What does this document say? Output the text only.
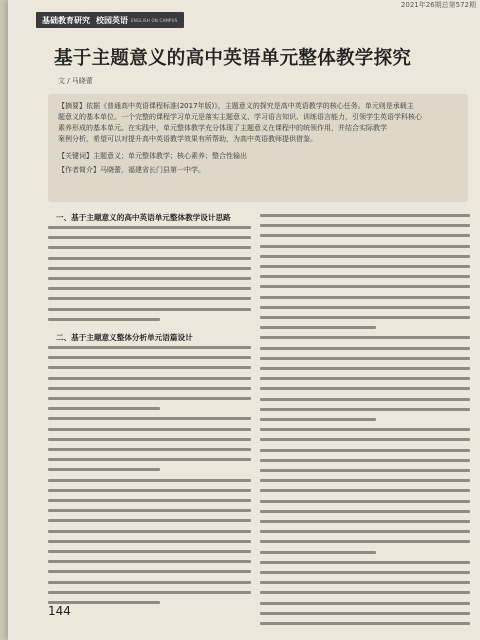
2021年26期总第572期
基础教育研究 校园英语 ENGLISH ON CAMPUS
基于主题意义的高中英语单元整体教学探究
文 / 马晓蕾
【摘要】依据《普通高中英语课程标准(2017年版)》，主题意义的探究是高中英语教学的核心任务。单元则是承载主
题意义的基本单位。一个完整的课程学习单元是落实主题意义、学习语言知识、训练语言能力，引领学生英语学科核心
素养形成的基本单元。在实践中，单元整体教学充分体现了主题意义在课程中的统领作用，并结合实际教学
案例分析，希望可以对提升高中英语教学效果有所帮助，为高中英语教师提供借鉴。
【关键词】主题意义；单元整体教学；核心素养；整合性输出
【作者简介】马晓蕾，福建省长门县第一中学。
一、基于主题意义的高中英语单元整体教学设计思路
二、基于主题意义整体分析单元语篇设计
144
